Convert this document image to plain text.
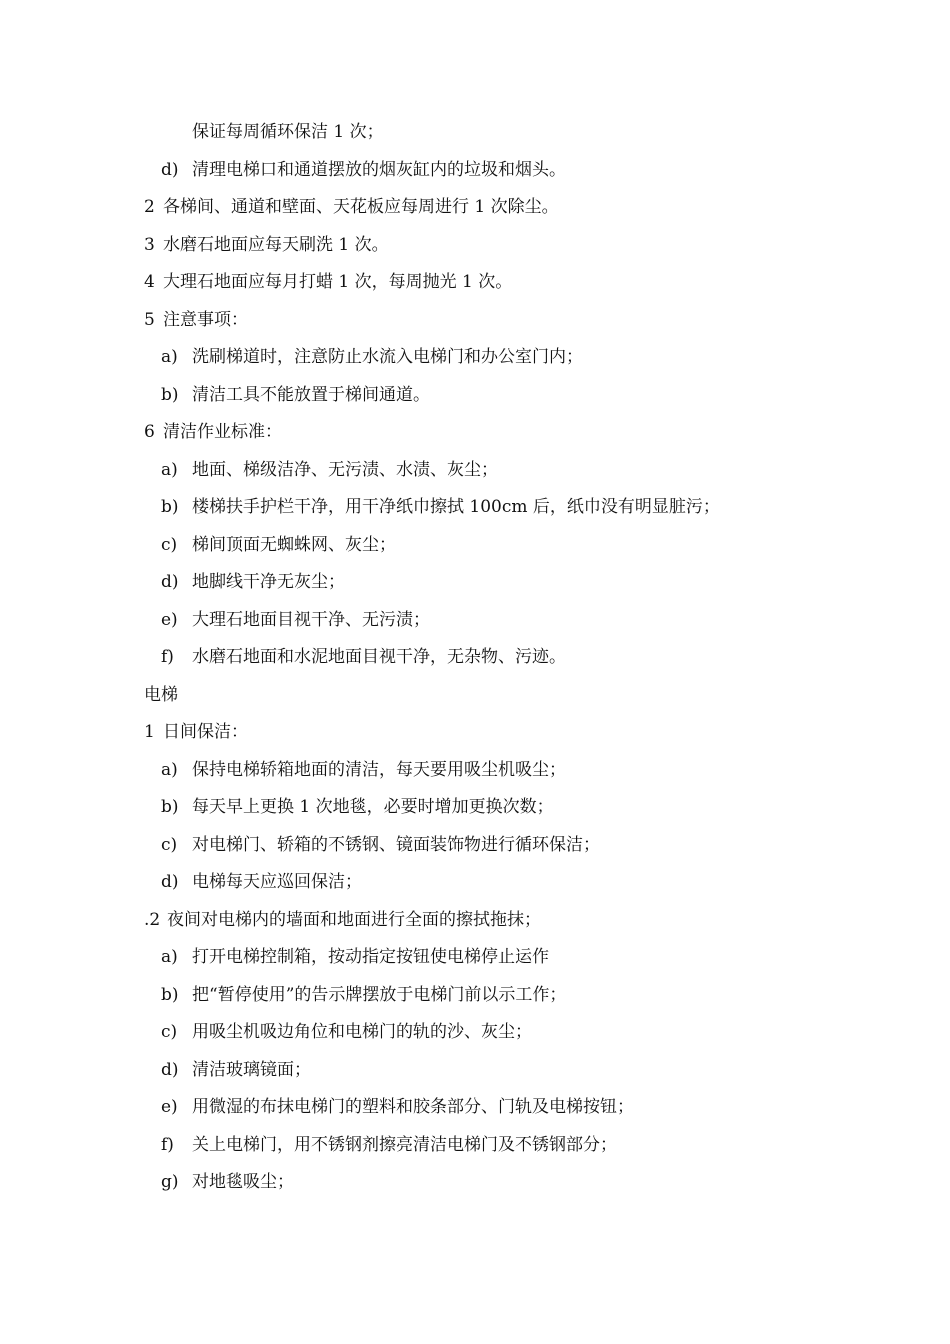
保证每周循环保洁 1 次；
d) 清理电梯口和通道摆放的烟灰缸内的垃圾和烟头。
2 各梯间、通道和壁面、天花板应每周进行 1 次除尘。
3 水磨石地面应每天刷洗 1 次。
4 大理石地面应每月打蜡 1 次，每周抛光 1 次。
5 注意事项：
a) 洗刷梯道时，注意防止水流入电梯门和办公室门内；
b) 清洁工具不能放置于梯间通道。
6 清洁作业标准：
a) 地面、梯级洁净、无污渍、水渍、灰尘；
b) 楼梯扶手护栏干净，用干净纸巾擦拭 100cm 后，纸巾没有明显脏污；
c) 梯间顶面无蜘蛛网、灰尘；
d) 地脚线干净无灰尘；
e) 大理石地面目视干净、无污渍；
f)	水磨石地面和水泥地面目视干净，无杂物、污迹。
电梯
1 日间保洁：
a) 保持电梯轿箱地面的清洁，每天要用吸尘机吸尘；
b) 每天早上更换 1 次地毯，必要时增加更换次数；
c) 对电梯门、轿箱的不锈钢、镜面装饰物进行循环保洁；
d) 电梯每天应巡回保洁；
.2 夜间对电梯内的墙面和地面进行全面的擦拭拖抹；
a) 打开电梯控制箱，按动指定按钮使电梯停止运作
b) 把“暂停使用”的告示牌摆放于电梯门前以示工作；
c) 用吸尘机吸边角位和电梯门的轨的沙、灰尘；
d) 清洁玻璃镜面；
e) 用微湿的布抹电梯门的塑料和胶条部分、门轨及电梯按钮；
f)	关上电梯门，用不锈钢剂擦亮清洁电梯门及不锈钢部分；
g) 对地毯吸尘；
